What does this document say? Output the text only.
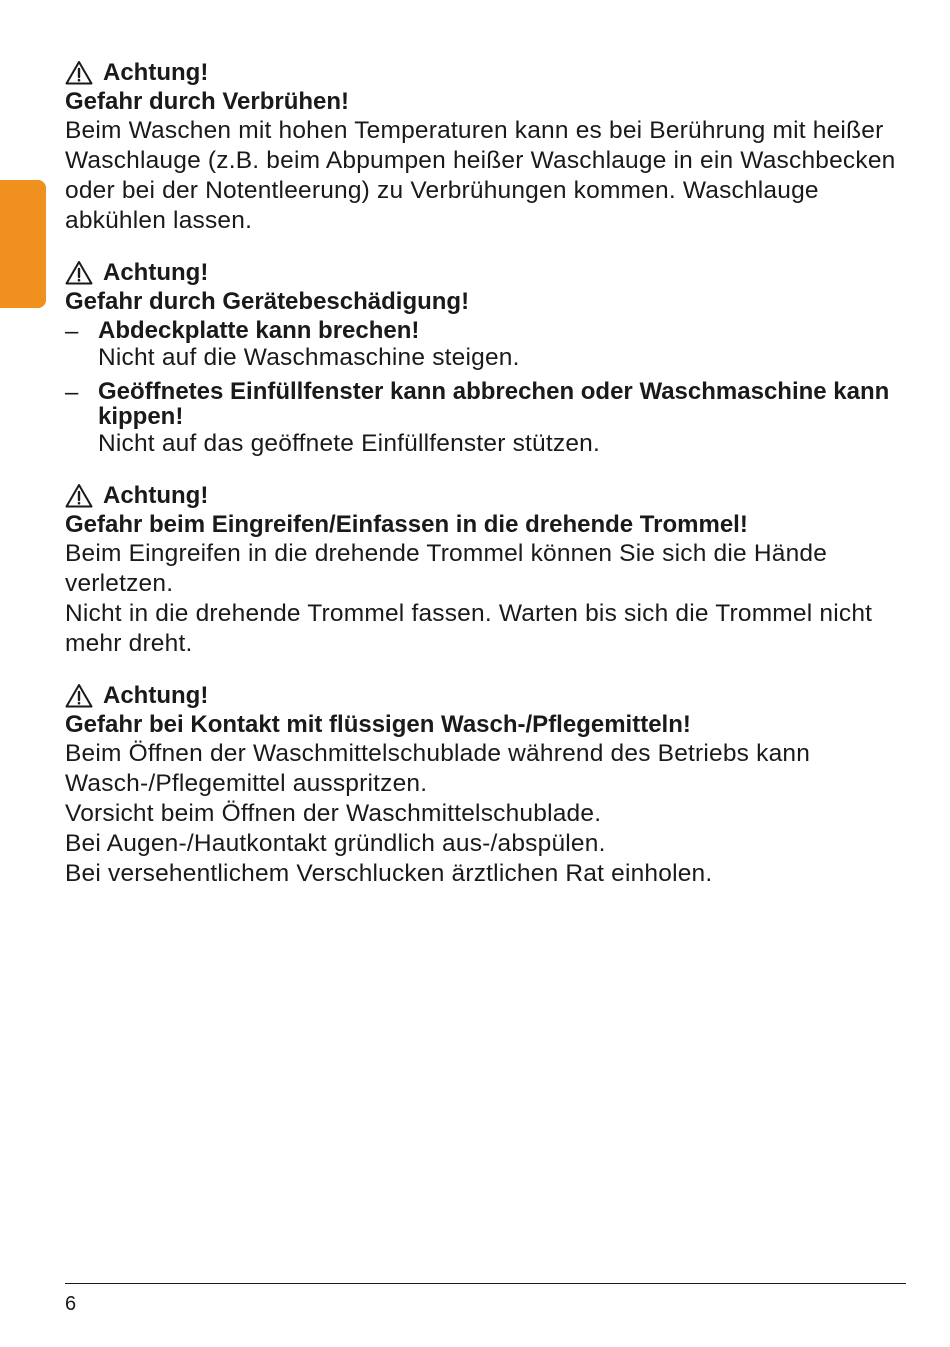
Achtung!
Gefahr durch Verbrühen!
Beim Waschen mit hohen Temperaturen kann es bei Berührung mit heißer Waschlauge (z.B. beim Abpumpen heißer Waschlauge in ein Waschbecken oder bei der Notentleerung) zu Verbrühungen kommen. Waschlauge abkühlen lassen.
Achtung!
Gefahr durch Gerätebeschädigung!
– Abdeckplatte kann brechen!
Nicht auf die Waschmaschine steigen.
– Geöffnetes Einfüllfenster kann abbrechen oder Waschmaschine kann kippen!
Nicht auf das geöffnete Einfüllfenster stützen.
Achtung!
Gefahr beim Eingreifen/Einfassen in die drehende Trommel!
Beim Eingreifen in die drehende Trommel können Sie sich die Hände verletzen.
Nicht in die drehende Trommel fassen. Warten bis sich die Trommel nicht mehr dreht.
Achtung!
Gefahr bei Kontakt mit flüssigen Wasch-/Pflegemitteln!
Beim Öffnen der Waschmittelschublade während des Betriebs kann Wasch-/Pflegemittel ausspritzen.
Vorsicht beim Öffnen der Waschmittelschublade.
Bei Augen-/Hautkontakt gründlich aus-/abspülen.
Bei versehentlichem Verschlucken ärztlichen Rat einholen.
6
